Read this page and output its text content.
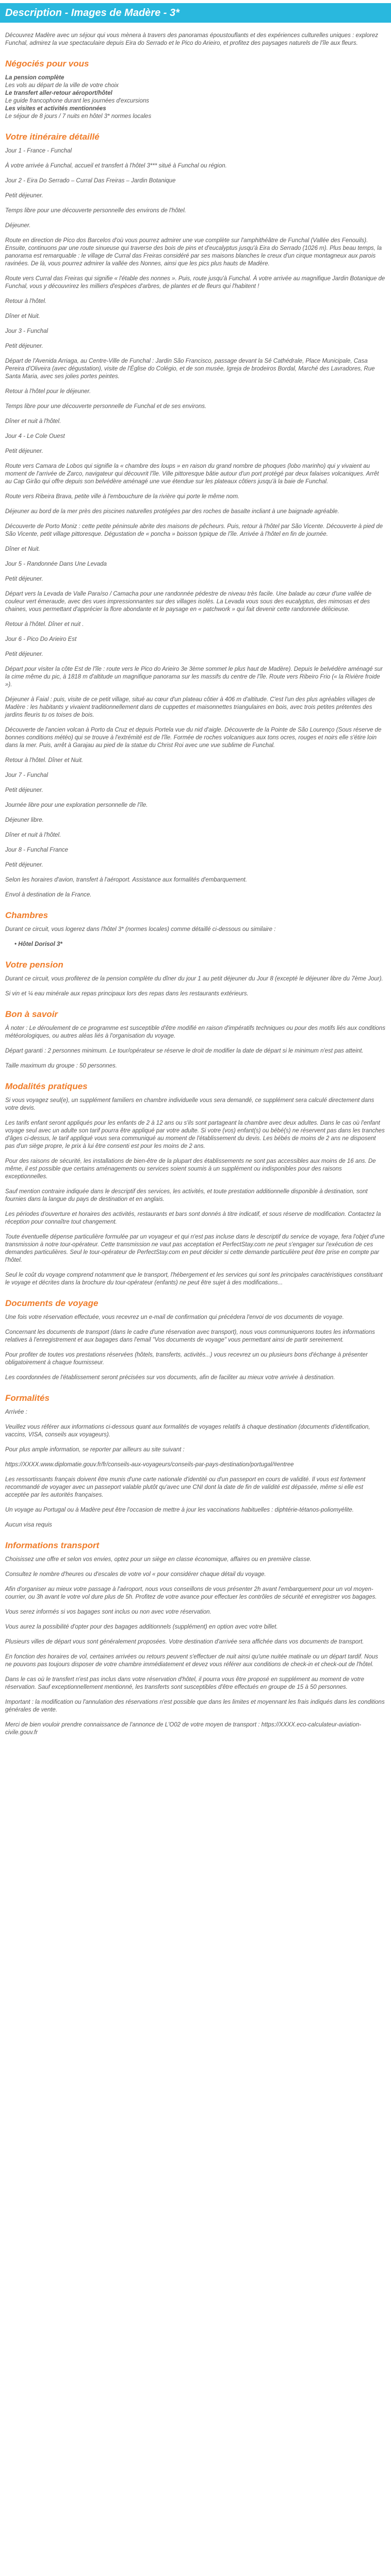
Description - Images de Madère - 3*

Découvrez Madère avec un séjour qui vous mènera à travers des panoramas époustouflants et des expériences culturelles uniques : explorez Funchal, admirez la vue spectaculaire depuis Eira do Serrado et le Pico do Arieiro, et profitez des paysages naturels de l'île aux fleurs.

Négociés pour vous

La pension complète

Les vols au départ de la ville de votre choix

Le transfert aller-retour aéroport/hôtel

Le guide francophone durant les journées d'excursions

Les visites et activités mentionnées

Le séjour de 8 jours / 7 nuits en hôtel 3* normes locales

Votre itinéraire détaillé

Jour 1 - France - Funchal

À votre arrivée à Funchal, accueil et transfert à l'hôtel 3*** situé à Funchal ou région.

Jour 2 - Eira Do Serrado – Curral Das Freiras – Jardin Botanique

Petit déjeuner.

Temps libre pour une découverte personnelle des environs de l'hôtel.

Déjeuner.

Route en direction de Pico dos Barcelos d'où vous pourrez admirer une vue complète sur l'amphithéâtre de Funchal (Vallée des Fenouils). Ensuite, continuons par une route sinueuse qui traverse des bois de pins et d'eucalyptus jusqu'à Eira do Serrado (1026 m). Plus beau temps, la panorama est remarquable : le village de Curral das Freiras considéré par ses maisons blanches le creux d'un cirque montagneux aux parois ravinées. De là, vous pourrez admirer la vallée des Nonnes, ainsi que les pics plus hauts de Madère.

Route vers Curral das Freiras qui signifie « l'étable des nonnes ». Puis, route jusqu'à Funchal. À votre arrivée au magnifique Jardin Botanique de Funchal, vous y découvrirez les milliers d'espèces d'arbres, de plantes et de fleurs qui l'habitent !

Retour à l'hôtel.

Dîner et Nuit.

Jour 3 - Funchal

Petit déjeuner.

Départ de l'Avenida Arriaga, au Centre-Ville de Funchal : Jardin São Francisco, passage devant la Sé Cathédrale, Place Municipale, Casa Pereira d'Oliveira (avec dégustation), visite de l'Église do Colégio, et de son musée, Igreja de brodeiros Bordal, Marché des Lavradores, Rue Santa Maria, avec ses jolies portes peintes.

Retour à l'hôtel pour le déjeuner.

Temps libre pour une découverte personnelle de Funchal et de ses environs.

Dîner et nuit à l'hôtel.

Jour 4 - Le Cole Ouest

Petit déjeuner.

Route vers Camara de Lobos qui signifie la « chambre des loups » en raison du grand nombre de phoques (lobo marinho) qui y vivaient au moment de l'arrivée de Zarco, navigateur qui découvrit l'île. Ville pittoresque bâtie autour d'un port protégé par deux falaises volcaniques. Arrêt au Cap Girão qui offre depuis son belvédère aménagé une vue étendue sur les plateaux côtiers jusqu'à la baie de Funchal.

Route vers Ribeira Brava, petite ville à l'embouchure de la rivière qui porte le même nom.

Déjeuner au bord de la mer près des piscines naturelles protégées par des roches de basalte incliant à une baignade agréable.

Découverte de Porto Moniz : cette petite péninsule abrite des maisons de pêcheurs. Puis, retour à l'hôtel par São Vicente. Découverte à pied de São Vicente, petit village pittoresque. Dégustation de « poncha » boisson typique de l'île. Arrivée à l'hôtel en fin de journée.

Dîner et Nuit.

Jour 5 - Randonnée Dans Une Levada

Petit déjeuner.

Départ vers la Levada de Valle Paraíso / Camacha pour une randonnée pédestre de niveau très facile. Une balade au cœur d'une vallée de couleur vert émeraude, avec des vues impressionnantes sur des villages isolés. La Levada vous sous des eucalyptus, des mimosas et des chaines, vous permettant d'apprécier la flore abondante et le paysage en « patchwork » qui fait devenir cette randonnée délicieuse.

Retour à l'hôtel. Dîner et nuit .

Jour 6 - Pico Do Arieiro Est

Petit déjeuner.

Départ pour visiter la côte Est de l'île : route vers le Pico do Arieiro 3e 3ème sommet le plus haut de Madère). Depuis le belvédère aménagé sur la cime même du pic, à 1818 m d'altitude un magnifique panorama sur les massifs du centre de l'île. Route vers Ribeiro Frio (« la Rivière froide »).

Déjeuner à Faial : puis, visite de ce petit village, situé au cœur d'un plateau côtier à 406 m d'altitude. C'est l'un des plus agréables villages de Madère : les habitants y vivaient traditionnellement dans de cuppettes et maisonnettes triangulaires en bois, avec trois petites prétentes des jardins fleuris tu os toises de bois.

Découverte de l'ancien volcan à Porto da Cruz et depuis Portela vue du nid d'aigle. Découverte de la Pointe de São Lourenço (Sous réserve de bonnes conditions météo) qui se trouve à l'extrémité est de l'île. Formée de roches volcaniques aux tons ocres, rouges et noirs elle s'étire loin dans la mer. Puis, arrêt à Garajau au pied de la statue du Christ Roi avec une vue sublime de Funchal.

Retour à l'hôtel. Dîner et Nuit.

Jour 7 - Funchal

Petit déjeuner.

Journée libre pour une exploration personnelle de l'île.

Déjeuner libre.

Dîner et nuit à l'hôtel.

Jour 8 - Funchal France

Petit déjeuner.

Selon les horaires d'avion, transfert à l'aéroport. Assistance aux formalités d'embarquement.

Envol à destination de la France.

Chambres

Durant ce circuit, vous logerez dans l'hôtel 3* (normes locales) comme détaillé ci-dessous ou similaire :

• Hôtel Dorisol 3*

Votre pension

Durant ce circuit, vous profiterez de la pension complète du dîner du jour 1 au petit déjeuner du Jour 8 (excepté le déjeuner libre du 7ème Jour).

Si vin et ¼ eau minérale aux repas principaux lors des repas dans les restaurants extérieurs.

Bon à savoir

À noter : Le déroulement de ce programme est susceptible d'être modifié en raison d'impératifs techniques ou pour des motifs liés aux conditions météorologiques, ou autres aléas liés à l'organisation du voyage.

Départ garanti : 2 personnes minimum. Le tour/opérateur se réserve le droit de modifier la date de départ si le minimum n'est pas atteint.

Taille maximum du groupe : 50 personnes.

Modalités pratiques

Si vous voyagez seul(e), un supplément familiers en chambre individuelle vous sera demandé, ce supplément sera calculé directement dans votre devis.

Les tarifs enfant seront appliqués pour les enfants de 2 à 12 ans ou s'ils sont partageant la chambre avec deux adultes. Dans le cas où l'enfant voyage seul avec un adulte son tarif pourra être appliqué par votre adulte. Si votre (vos) enfant(s) ou bébé(s) ne réservent pas dans les tranches d'âges ci-dessus, le tarif appliqué vous sera communiqué au moment de l'établissement du devis. Les bébés de moins de 2 ans ne disposent pas d'un siège propre, le prix à lui être consenti est pour les moins de 2 ans.

Pour des raisons de sécurité, les installations de bien-être de la plupart des établissements ne sont pas accessibles aux moins de 16 ans. De même, il est possible que certains aménagements ou services soient soumis à un supplément ou indisponibles pour des raisons exceptionnelles.

Sauf mention contraire indiquée dans le descriptif des services, les activités, et toute prestation additionnelle disponible à destination, sont fournies dans la langue du pays de destination et en anglais.

Les périodes d'ouverture et horaires des activités, restaurants et bars sont donnés à titre indicatif, et sous réserve de modification. Contactez la réception pour connaître tout changement.

Toute éventuelle dépense particulière formulée par un voyageur et qui n'est pas incluse dans le descriptif du service de voyage, fera l'objet d'une transmission à notre tour-opérateur. Cette transmission ne vaut pas acceptation et PerfectStay.com ne peut s'engager sur l'exécution de ces demandes particulières. Seul le tour-opérateur de PerfectStay.com en peut décider si cette demande particulière peut être prise en compte par l'hôtel.

Seul le coût du voyage comprend notamment que le transport, l'hébergement et les services qui sont les principales caractéristiques constituant le voyage et décrites dans la brochure du tour-opérateur (enfants) ne peut être sujet à des modifications...

Documents de voyage

Une fois votre réservation effectuée, vous recevrez un e-mail de confirmation qui précédera l'envoi de vos documents de voyage.

Concernant les documents de transport (dans le cadre d'une réservation avec transport), nous vous communiquerons toutes les informations relatives à l'enregistrement et aux bagages dans l'email "Vos documents de voyage" vous permettant ainsi de partir sereinement.

Pour profiter de toutes vos prestations réservées (hôtels, transferts, activités...) vous recevrez un ou plusieurs bons d'échange à présenter obligatoirement à chaque fournisseur.

Les coordonnées de l'établissement seront précisées sur vos documents, afin de faciliter au mieux votre arrivée à destination.

Formalités

Arrivée :

Veuillez vous référer aux informations ci-dessous quant aux formalités de voyages relatifs à chaque destination (documents d'identification, vaccins, VISA, conseils aux voyageurs).

Pour plus ample information, se reporter par ailleurs au site suivant :

https://XXXX.www.diplomatie.gouv.fr/fr/conseils-aux-voyageurs/conseils-par-pays-destination/portugal/#entree

Les ressortissants français doivent être munis d'une carte nationale d'identité ou d'un passeport en cours de validité. Il vous est fortement recommandé de voyager avec un passeport valable plutôt qu'avec une CNI dont la date de fin de validité est dépassée, même si elle est acceptée par les autorités françaises.

Un voyage au Portugal ou à Madère peut être l'occasion de mettre à jour les vaccinations habituelles : diphtérie-tétanos-poliomyélite.

Aucun visa requis

Informations transport

Choisissez une offre et selon vos envies, optez pour un siège en classe économique, affaires ou en première classe.

Consultez le nombre d'heures ou d'escales de votre vol « pour considérer chaque détail du voyage.

Afin d'organiser au mieux votre passage à l'aéroport, nous vous conseillons de vous présenter 2h avant l'embarquement pour un vol moyen-courrier, ou 3h avant le votre vol dure plus de 5h. Profitez de votre avance pour effectuer les contrôles de sécurité et enregistrer vos bagages.

Vous serez informés si vos bagages sont inclus ou non avec votre réservation.

Vous aurez la possibilité d'opter pour des bagages additionnels (supplément) en option avec votre billet.

Plusieurs villes de départ vous sont généralement proposées. Votre destination d'arrivée sera affichée dans vos documents de transport.

En fonction des horaires de vol, certaines arrivées ou retours peuvent s'effectuer de nuit ainsi qu'une nuitée matinale ou un départ tardif. Nous ne pouvons pas toujours disposer de votre chambre immédiatement et devez vous référer aux conditions de check-in et check-out de l'hôtel.

Dans le cas où le transfert n'est pas inclus dans votre réservation d'hôtel, il pourra vous être proposé en supplément au moment de votre réservation. Sauf exceptionnellement mentionné, les transferts sont susceptibles d'être effectués en groupe de 15 à 50 personnes.

Important : la modification ou l'annulation des réservations n'est possible que dans les limites et moyennant les frais indiqués dans les conditions générales de vente.

Merci de bien vouloir prendre connaissance de l'annonce de L'O02 de votre moyen de transport : https://XXXX.eco-calculateur-aviation-civile.gouv.fr
